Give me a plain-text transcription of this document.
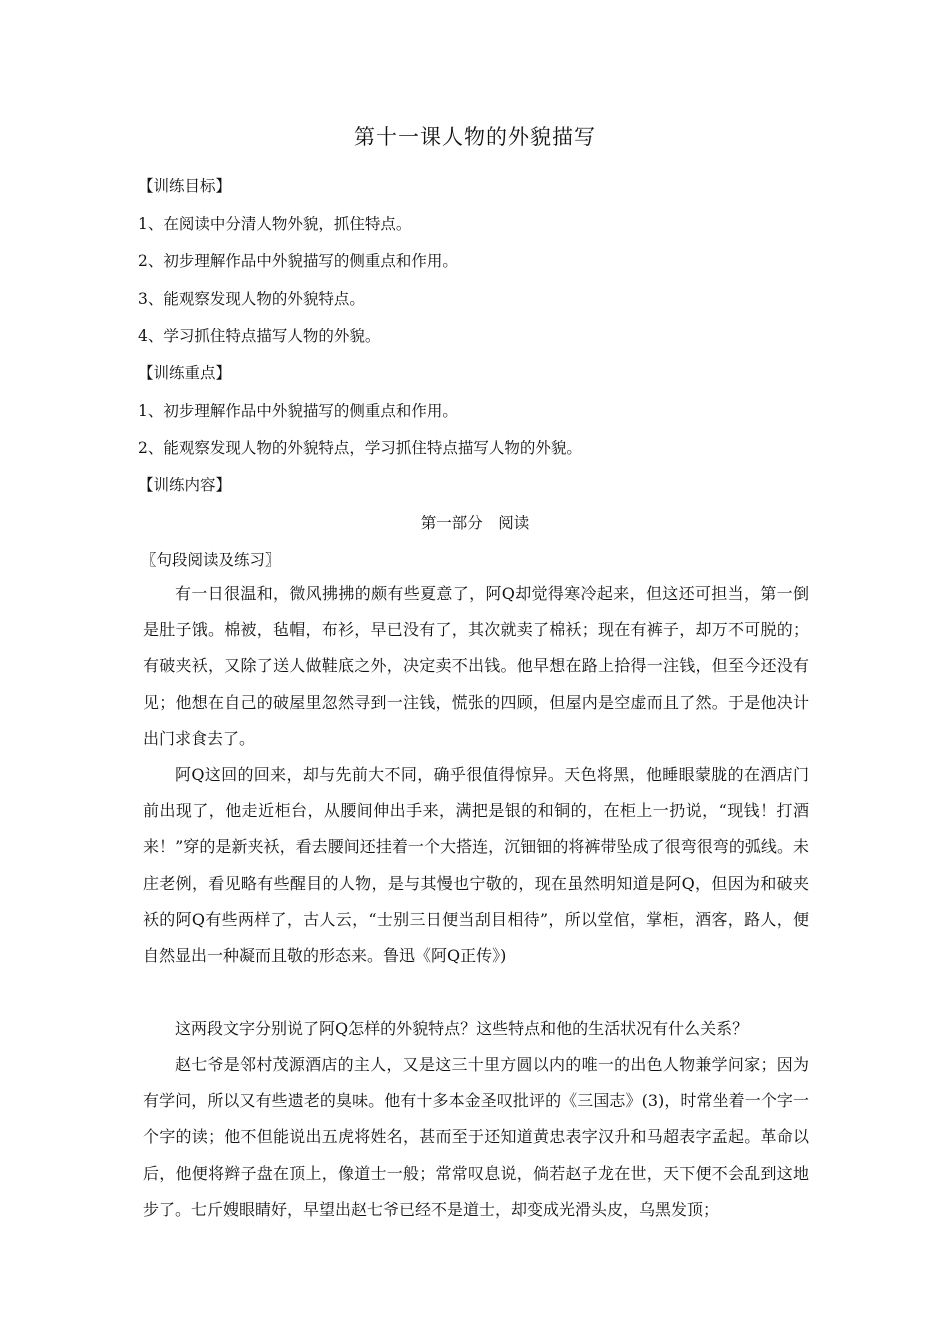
第十一课人物的外貌描写
【训练目标】
1、在阅读中分清人物外貌，抓住特点。
2、初步理解作品中外貌描写的侧重点和作用。
3、能观察发现人物的外貌特点。
4、学习抓住特点描写人物的外貌。
【训练重点】
1、初步理解作品中外貌描写的侧重点和作用。
2、能观察发现人物的外貌特点，学习抓住特点描写人物的外貌。
【训练内容】
第一部分　阅读
〖句段阅读及练习〗
有一日很温和，微风拂拂的颇有些夏意了，阿Q却觉得寒冷起来，但这还可担当，第一倒是肚子饿。棉被，毡帽，布衫，早已没有了，其次就卖了棉袄；现在有裤子，却万不可脱的；有破夹袄，又除了送人做鞋底之外，决定卖不出钱。他早想在路上拾得一注钱，但至今还没有见；他想在自己的破屋里忽然寻到一注钱，慌张的四顾，但屋内是空虚而且了然。于是他决计出门求食去了。
阿Q这回的回来，却与先前大不同，确乎很值得惊异。天色将黑，他睡眼蒙胧的在酒店门前出现了，他走近柜台，从腰间伸出手来，满把是银的和铜的，在柜上一扔说，“现钱！打酒来！”穿的是新夹袄，看去腰间还挂着一个大搭连，沉钿钿的将裤带坠成了很弯很弯的弧线。未庄老例，看见略有些醒目的人物，是与其慢也宁敬的，现在虽然明知道是阿Q，但因为和破夹袄的阿Q有些两样了，古人云，“士别三日便当刮目相待”，所以堂倌，掌柜，酒客，路人，便自然显出一种凝而且敬的形态来。鲁迅《阿Q正传》)
这两段文字分别说了阿Q怎样的外貌特点？这些特点和他的生活状况有什么关系？
赵七爷是邻村茂源酒店的主人，又是这三十里方圆以内的唯一的出色人物兼学问家；因为有学问，所以又有些遗老的臭味。他有十多本金圣叹批评的《三国志》(3)，时常坐着一个字一个字的读；他不但能说出五虎将姓名，甚而至于还知道黄忠表字汉升和马超表字孟起。革命以后，他便将辫子盘在顶上，像道士一般；常常叹息说，倘若赵子龙在世，天下便不会乱到这地步了。七斤嫂眼睛好，早望出赵七爷已经不是道士，却变成光滑头皮，乌黑发顶；
